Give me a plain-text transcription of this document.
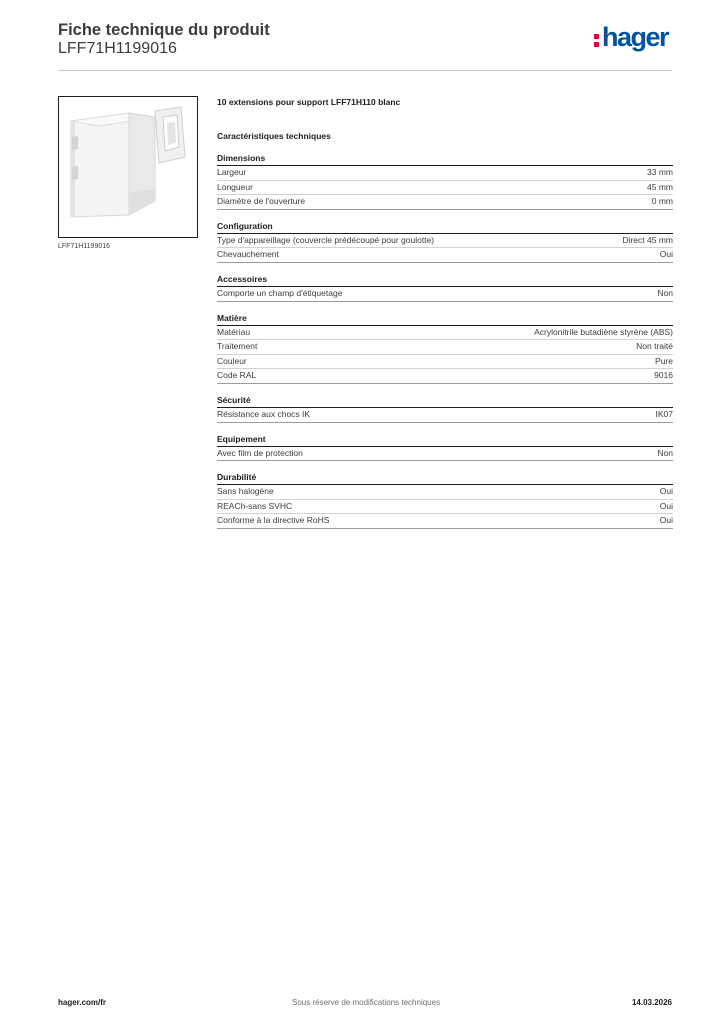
Fiche technique du produit
LFF71H1199016	hager
LFF71H1199016
10 extensions pour support LFF71H110 blanc
Caractéristiques techniques
Dimensions
Largeur	33 mm
Longueur	45 mm
Diamètre de l'ouverture	0 mm
Configuration
Type d'appareillage (couvercle prédécoupé pour goulotte)	Direct 45 mm
Chevauchement	Oui
Accessoires
Comporte un champ d'étiquetage	Non
Matière
Matériau	Acrylonitrile butadiène styrène (ABS)
Traitement	Non traité
Couleur	Pure
Code RAL	9016
Sécurité
Résistance aux chocs IK	IK07
Equipement
Avec film de protection	Non
Durabilité
Sans halogène	Oui
REACh-sans SVHC	Oui
Conforme à la directive RoHS	Oui
hager.com/fr	Sous réserve de modifications techniques	14.03.2026
